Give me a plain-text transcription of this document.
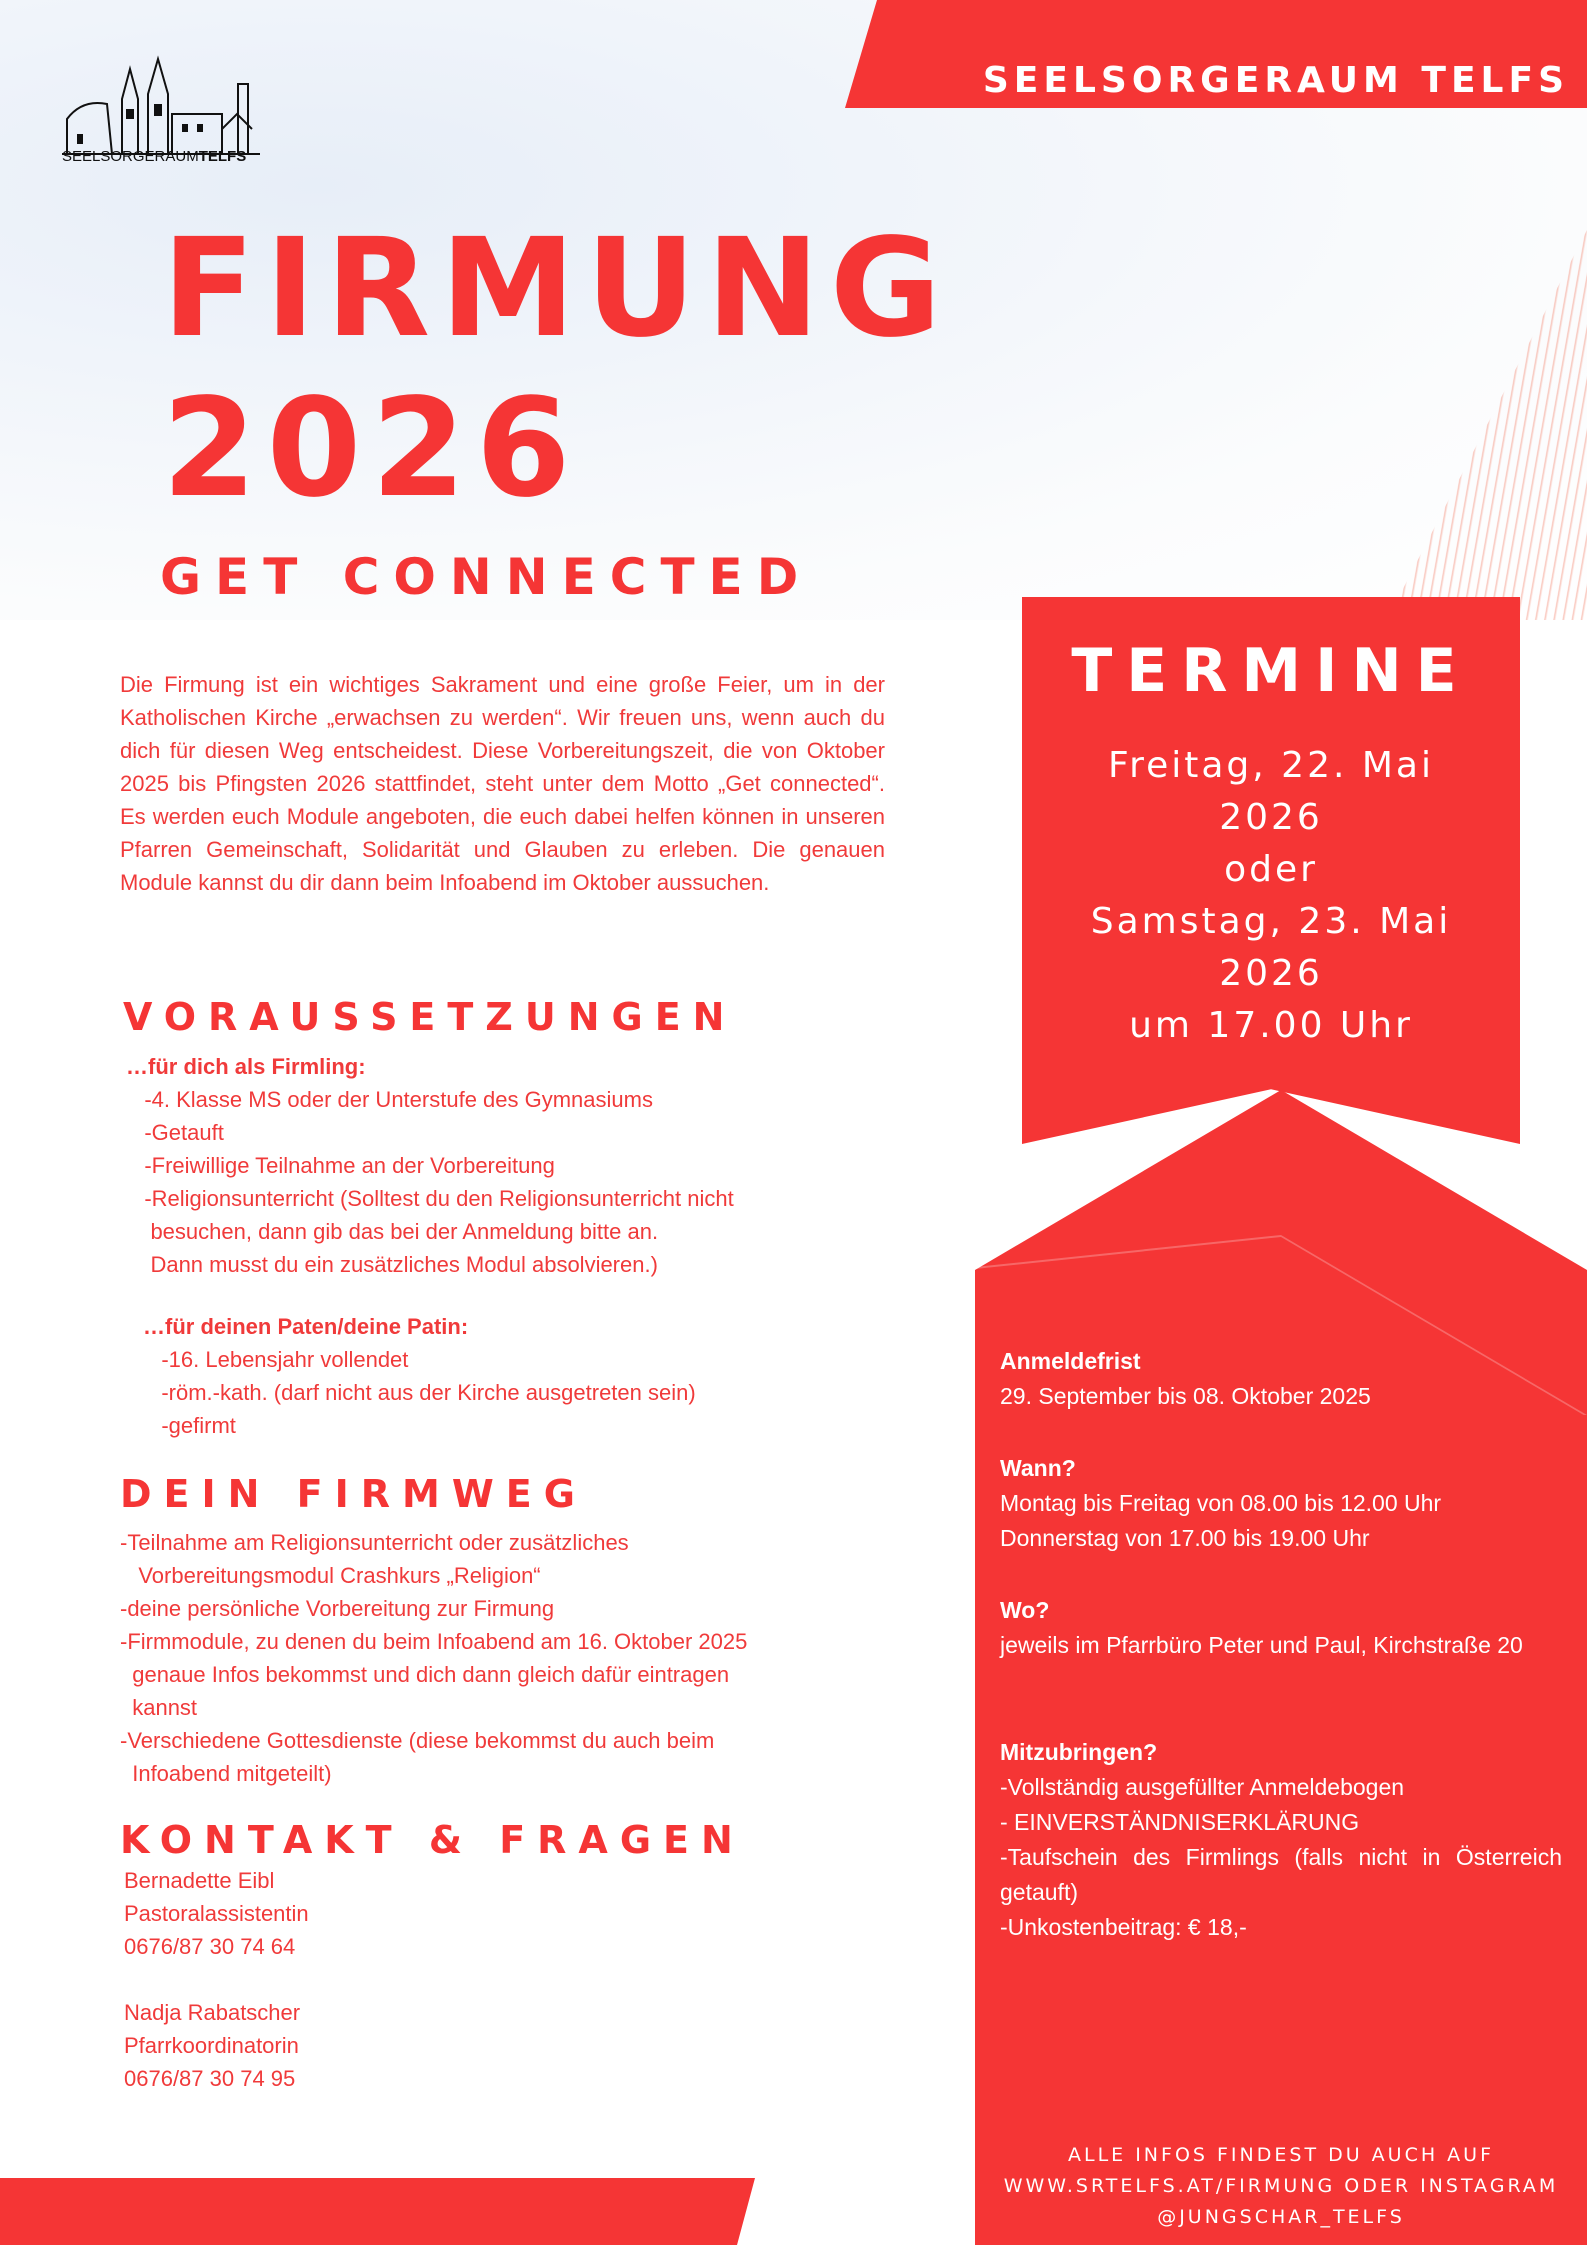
SEELSORGERAUM TELFS
SEELSORGERAUMTELFS
FIRMUNG
2026
GET CONNECTED
Die Firmung ist ein wichtiges Sakrament und eine große Feier, um in der Katholischen Kirche „erwachsen zu werden“. Wir freuen uns, wenn auch du dich für diesen Weg entscheidest. Diese Vorbereitungszeit, die von Oktober 2025 bis Pfingsten 2026 stattfindet, steht unter dem Motto „Get connected“. Es werden euch Module angeboten, die euch dabei helfen können in unseren Pfarren Gemeinschaft, Solidarität und Glauben zu erleben. Die genauen Module kannst du dir dann beim Infoabend im Oktober aussuchen.
VORAUSSETZUNGEN
…für dich als Firmling:
-4. Klasse MS oder der Unterstufe des Gymnasiums
-Getauft
-Freiwillige Teilnahme an der Vorbereitung
-Religionsunterricht (Solltest du den Religionsunterricht nicht
besuchen, dann gib das bei der Anmeldung bitte an.
Dann musst du ein zusätzliches Modul absolvieren.)
…für deinen Paten/deine Patin:
-16. Lebensjahr vollendet
-röm.-kath. (darf nicht aus der Kirche ausgetreten sein)
-gefirmt
DEIN FIRMWEG
-Teilnahme am Religionsunterricht oder zusätzliches
Vorbereitungsmodul Crashkurs „Religion“
-deine persönliche Vorbereitung zur Firmung
-Firmmodule, zu denen du beim Infoabend am 16. Oktober 2025
genaue Infos bekommst und dich dann gleich dafür eintragen
kannst
-Verschiedene Gottesdienste (diese bekommst du auch beim
Infoabend mitgeteilt)
KONTAKT & FRAGEN
Bernadette Eibl
Pastoralassistentin
0676/87 30 74 64
Nadja Rabatscher
Pfarrkoordinatorin
0676/87 30 74 95
TERMINE
Freitag, 22. Mai
2026
oder
Samstag, 23. Mai
2026
um 17.00 Uhr
Anmeldefrist
29. September bis 08. Oktober 2025
Wann?
Montag bis Freitag von 08.00 bis 12.00 Uhr
Donnerstag von 17.00 bis 19.00 Uhr
Wo?
jeweils im Pfarrbüro Peter und Paul, Kirchstraße 20
Mitzubringen?
-Vollständig ausgefüllter Anmeldebogen
- EINVERSTÄNDNISERKLÄRUNG
-Taufschein des Firmlings (falls nicht in Österreich getauft)
-Unkostenbeitrag: € 18,-
ALLE INFOS FINDEST DU AUCH AUF
WWW.SRTELFS.AT/FIRMUNG ODER INSTAGRAM
@JUNGSCHAR_TELFS
